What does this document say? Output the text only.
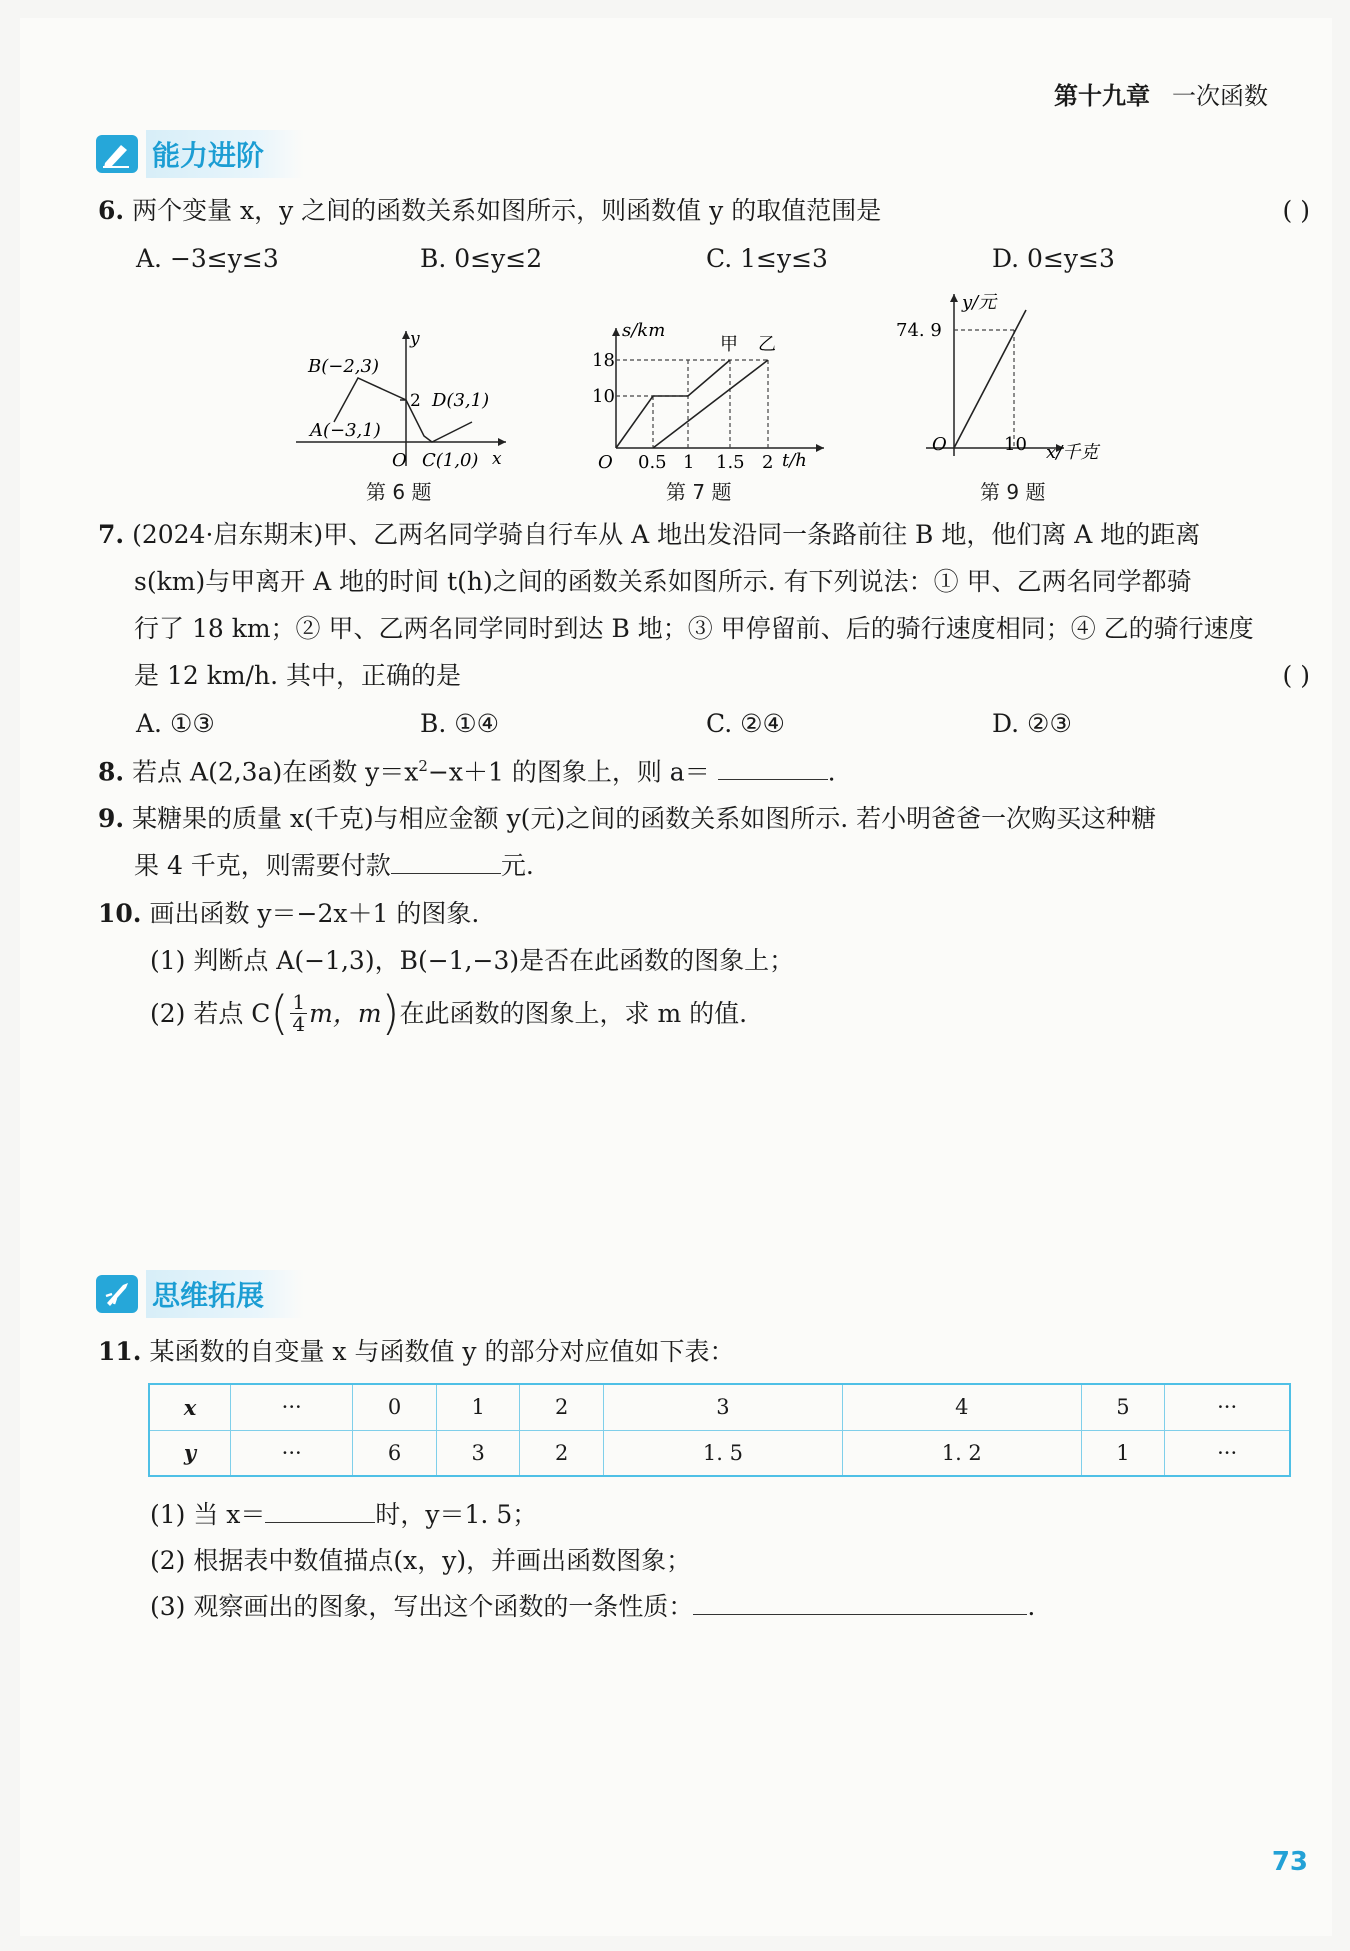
第十九章 一次函数
能力进阶
6. 两个变量 x，y 之间的函数关系如图所示，则函数值 y 的取值范围是	( )
A. −3≤y≤3	B. 0≤y≤2	C. 1≤y≤3	D. 0≤y≤3
A(−3,1)
B(−2,3)
C(1,0)
D(3,1)
O	x
y
2
第 6 题
s/km
t/h
甲 乙
O
18
10
0.5 1 1.5 2
第 7 题
y/元
x/千克
O
74. 9
10
第 9 题
7. (2024·启东期末)甲、乙两名同学骑自行车从 A 地出发沿同一条路前往 B 地，他们离 A 地的距离
s(km)与甲离开 A 地的时间 t(h)之间的函数关系如图所示. 有下列说法：① 甲、乙两名同学都骑
行了 18 km；② 甲、乙两名同学同时到达 B 地；③ 甲停留前、后的骑行速度相同；④ 乙的骑行速度
是 12 km/h. 其中，正确的是	( )
A. ①③	B. ①④	C. ②④	D. ②③
8. 若点 A(2,3a)在函数 $y=x^2-x+1$ 的图象上，则 a＝	.
9. 某糖果的质量 x(千克)与相应金额 y(元)之间的函数关系如图所示. 若小明爸爸一次购买这种糖
果 4 千克，则需要付款	元.
10. 画出函数 y＝−2x＋1 的图象.
(1) 判断点 A(−1,3)，B(−1,−3)是否在此函数的图象上；
(2) 若点 C ( $\frac{1}{4}$ m，m ) 在此函数的图象上，求 m 的值.
思维拓展
11. 某函数的自变量 x 与函数值 y 的部分对应值如下表：
x	···	0	1	2	3	4	5	···
y	···	6	3	2	1. 5	1. 2	1	···
(1) 当 x＝	时，y＝1. 5；
(2) 根据表中数值描点(x，y)，并画出函数图象；
(3) 观察画出的图象，写出这个函数的一条性质：	.
73
